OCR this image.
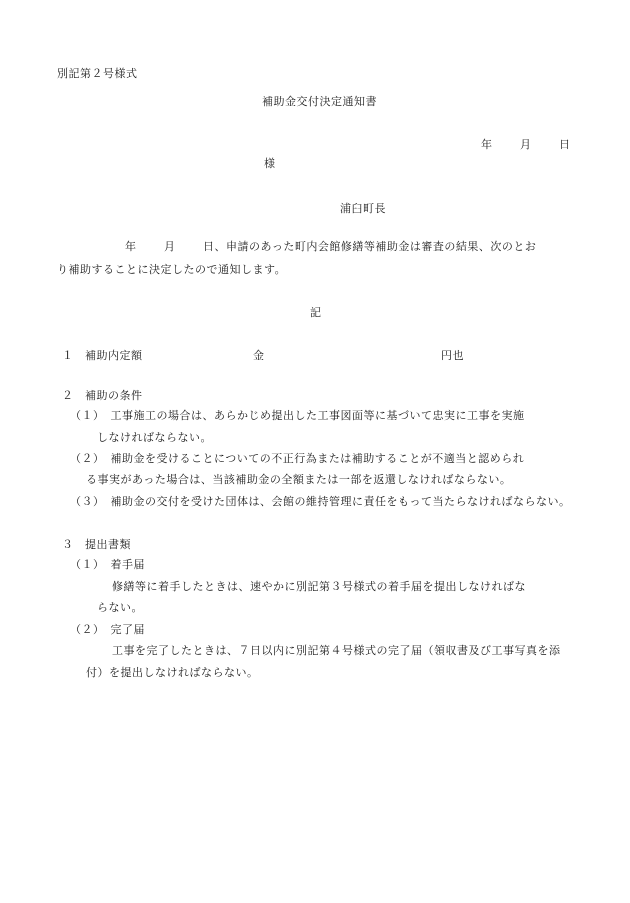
別記第２号様式
補助金交付決定通知書
年	月	日
様
浦臼町長
年	月	日、申請のあった町内会館修繕等補助金は審査の結果、次のとお
り補助することに決定したので通知します。
記
１　補助内定額	金	円也
２　補助の条件
（１）　工事施工の場合は、あらかじめ提出した工事図面等に基づいて忠実に工事を実施
しなければならない。
（２）　補助金を受けることについての不正行為または補助することが不適当と認められ
る事実があった場合は、当該補助金の全額または一部を返還しなければならない。
（３）　補助金の交付を受けた団体は、会館の維持管理に責任をもって当たらなければならない。
３　提出書類
（１）　着手届
修繕等に着手したときは、速やかに別記第３号様式の着手届を提出しなければな
らない。
（２）　完了届
工事を完了したときは、７日以内に別記第４号様式の完了届（領収書及び工事写真を添
付）を提出しなければならない。
